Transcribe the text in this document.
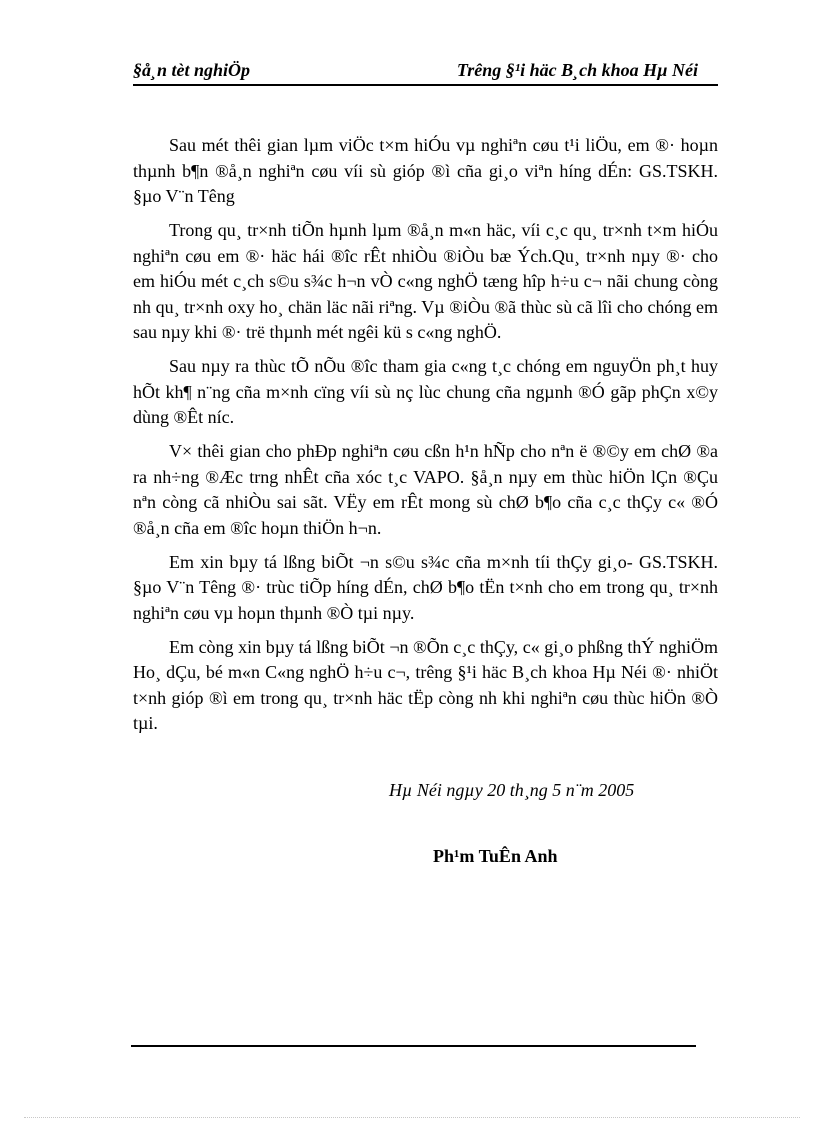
§å¸n tèt nghiÖp	Trêng §¹i häc B¸ch khoa Hµ Néi

Sau mét thêi gian lµm viÖc t×m hiÓu vµ nghiªn cøu t¹i liÖu, em ®· hoµn thµnh b¶n ®å¸n nghiªn cøu víi sù gióp ®ì cña gi¸o viªn híng dÉn: GS.TSKH. §µo V¨n Têng

Trong qu¸ tr×nh tiÕn hµnh lµm ®å¸n m«n häc, víi c¸c qu¸ tr×nh t×m hiÓu nghiªn cøu em ®· häc hái ®îc rÊt nhiÒu ®iÒu bæ Ých.Qu¸ tr×nh nµy ®· cho em hiÓu mét c¸ch s©u s¾c h¬n vÒ c«ng nghÖ tæng hîp h÷u c¬ nãi chung còng nh qu¸ tr×nh oxy ho¸ chän läc nãi riªng. Vµ ®iÒu ®ã thùc sù cã lîi cho chóng em sau nµy khi ®· trë thµnh mét ngêi kü s c«ng nghÖ.

Sau nµy ra thùc tÕ nÕu ®îc tham gia c«ng t¸c chóng em nguyÖn ph¸t huy hÕt kh¶ n¨ng cña m×nh cïng víi sù nç lùc chung cña ngµnh ®Ó gãp phÇn x©y dùng ®Êt níc.

V× thêi gian cho phÐp nghiªn cøu cßn h¹n hÑp cho nªn ë ®©y em chØ ®a ra nh÷ng ®Æc trng nhÊt cña xóc t¸c VAPO. §å¸n nµy em thùc hiÖn lÇn ®Çu nªn còng cã nhiÒu sai sãt. VËy em rÊt mong sù chØ b¶o cña c¸c thÇy c« ®Ó ®å¸n cña em ®îc hoµn thiÖn h¬n.

Em xin bµy tá lßng biÕt ¬n s©u s¾c cña m×nh tíi thÇy gi¸o- GS.TSKH. §µo V¨n Têng ®· trùc tiÕp híng dÉn, chØ b¶o tËn t×nh cho em trong qu¸ tr×nh nghiªn cøu vµ hoµn thµnh ®Ò tµi nµy.

Em còng xin bµy tá lßng biÕt ¬n ®Õn c¸c thÇy, c« gi¸o phßng thÝ nghiÖm Ho¸ dÇu, bé m«n C«ng nghÖ h÷u c¬, trêng §¹i häc B¸ch khoa Hµ Néi ®· nhiÖt t×nh gióp ®ì em trong qu¸ tr×nh häc tËp còng nh khi nghiªn cøu thùc hiÖn ®Ò tµi.

Hµ Néi ngµy 20 th¸ng 5 n¨m 2005
Ph¹m TuÊn Anh
